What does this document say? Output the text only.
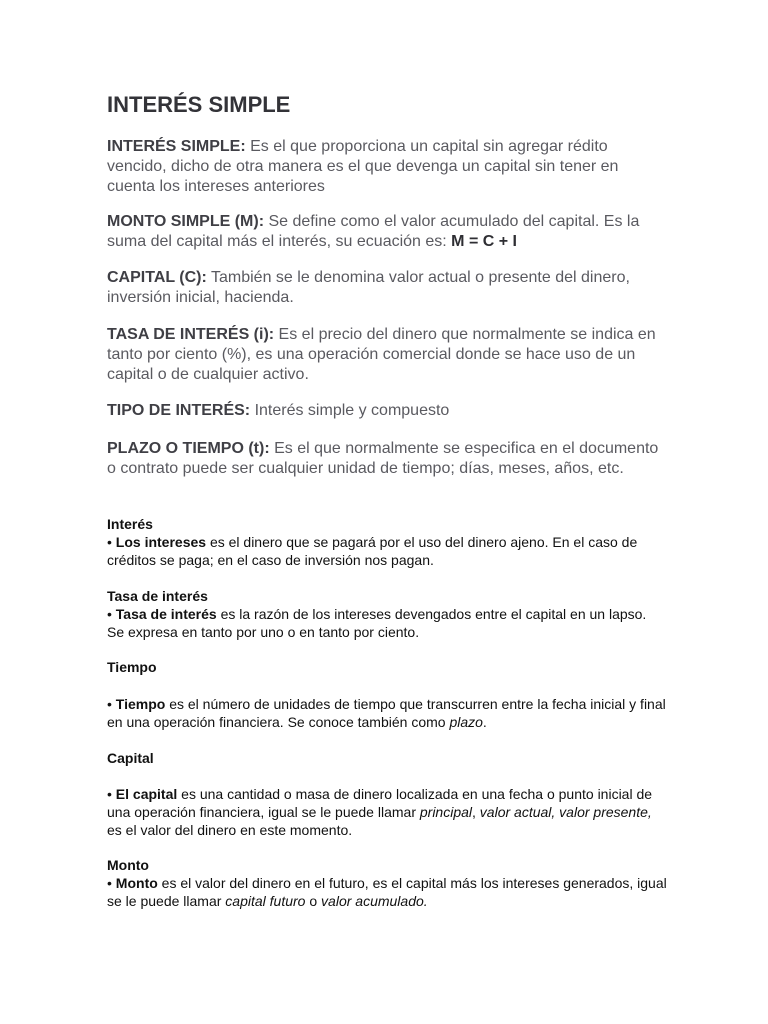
INTERÉS SIMPLE

INTERÉS SIMPLE: Es el que proporciona un capital sin agregar rédito vencido, dicho de otra manera es el que devenga un capital sin tener en cuenta los intereses anteriores

MONTO SIMPLE (M): Se define como el valor acumulado del capital. Es la suma del capital más el interés, su ecuación es: M = C + I

CAPITAL (C): También se le denomina valor actual o presente del dinero, inversión inicial, hacienda.

TASA DE INTERÉS (i): Es el precio del dinero que normalmente se indica en tanto por ciento (%), es una operación comercial donde se hace uso de un capital o de cualquier activo.

TIPO DE INTERÉS: Interés simple y compuesto

PLAZO O TIEMPO (t): Es el que normalmente se especifica en el documento o contrato puede ser cualquier unidad de tiempo; días, meses, años, etc.

Interés

• Los intereses es el dinero que se pagará por el uso del dinero ajeno. En el caso de créditos se paga; en el caso de inversión nos pagan.

Tasa de interés

• Tasa de interés es la razón de los intereses devengados entre el capital en un lapso. Se expresa en tanto por uno o en tanto por ciento.

Tiempo

• Tiempo es el número de unidades de tiempo que transcurren entre la fecha inicial y final en una operación financiera. Se conoce también como plazo.

Capital

• El capital es una cantidad o masa de dinero localizada en una fecha o punto inicial de una operación financiera, igual se le puede llamar principal, valor actual, valor presente, es el valor del dinero en este momento.

Monto

• Monto es el valor del dinero en el futuro, es el capital más los intereses generados, igual se le puede llamar capital futuro o valor acumulado.
